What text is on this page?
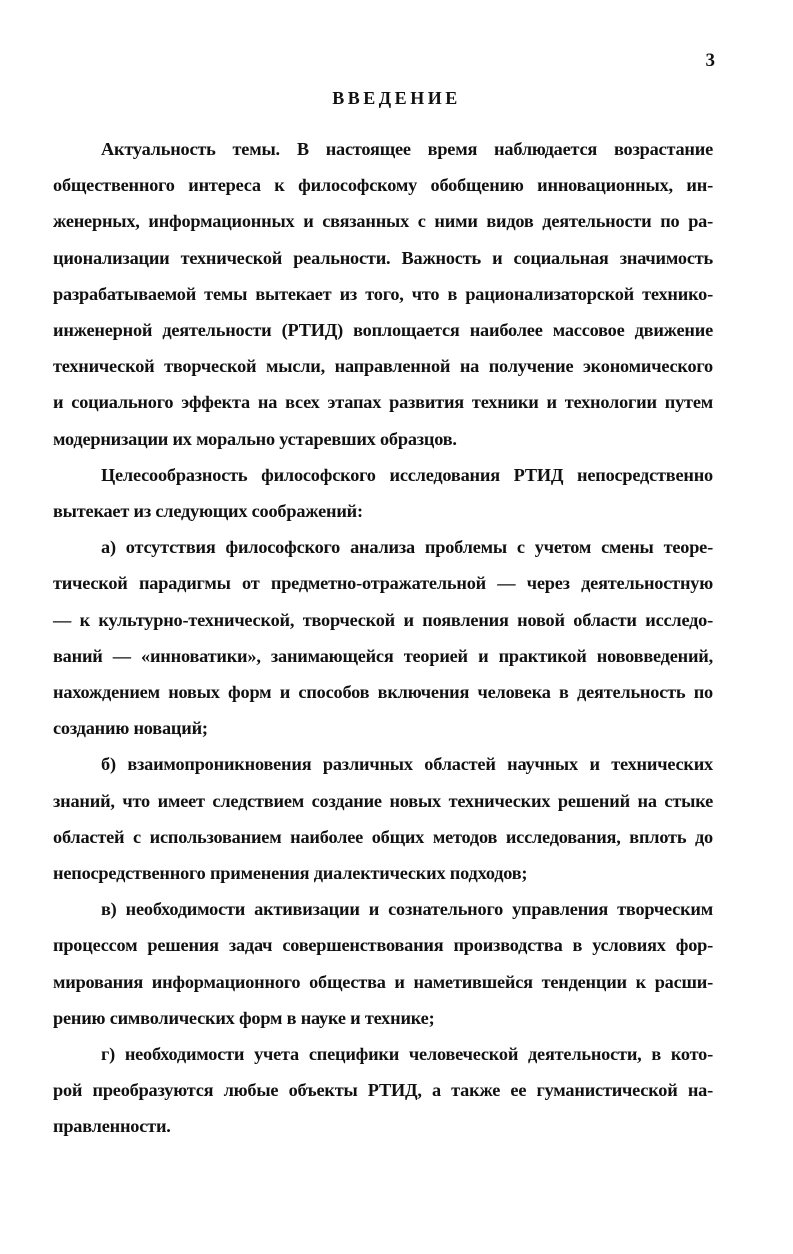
3
ВВЕДЕНИЕ
Актуальность темы. В настоящее время наблюдается возрастание
общественного интереса к философскому обобщению инновационных, ин-
женерных, информационных и связанных с ними видов деятельности по ра-
ционализации технической реальности. Важность и социальная значимость
разрабатываемой темы вытекает из того, что в рационализаторской технико-
инженерной деятельности (РТИД) воплощается наиболее массовое движение
технической творческой мысли, направленной на получение экономического
и социального эффекта на всех этапах развития техники и технологии путем
модернизации их морально устаревших образцов.
Целесообразность философского исследования РТИД непосредственно
вытекает из следующих соображений:
а) отсутствия философского анализа проблемы с учетом смены теоре-
тической парадигмы от предметно-отражательной — через деятельностную
— к культурно-технической, творческой и появления новой области исследо-
ваний — «инноватики», занимающейся теорией и практикой нововведений,
нахождением новых форм и способов включения человека в деятельность по
созданию новаций;
б) взаимопроникновения различных областей научных и технических
знаний, что имеет следствием создание новых технических решений на стыке
областей с использованием наиболее общих методов исследования, вплоть до
непосредственного применения диалектических подходов;
в) необходимости активизации и сознательного управления творческим
процессом решения задач совершенствования производства в условиях фор-
мирования информационного общества и наметившейся тенденции к расши-
рению символических форм в науке и технике;
г) необходимости учета специфики человеческой деятельности, в кото-
рой преобразуются любые объекты РТИД, а также ее гуманистической на-
правленности.
